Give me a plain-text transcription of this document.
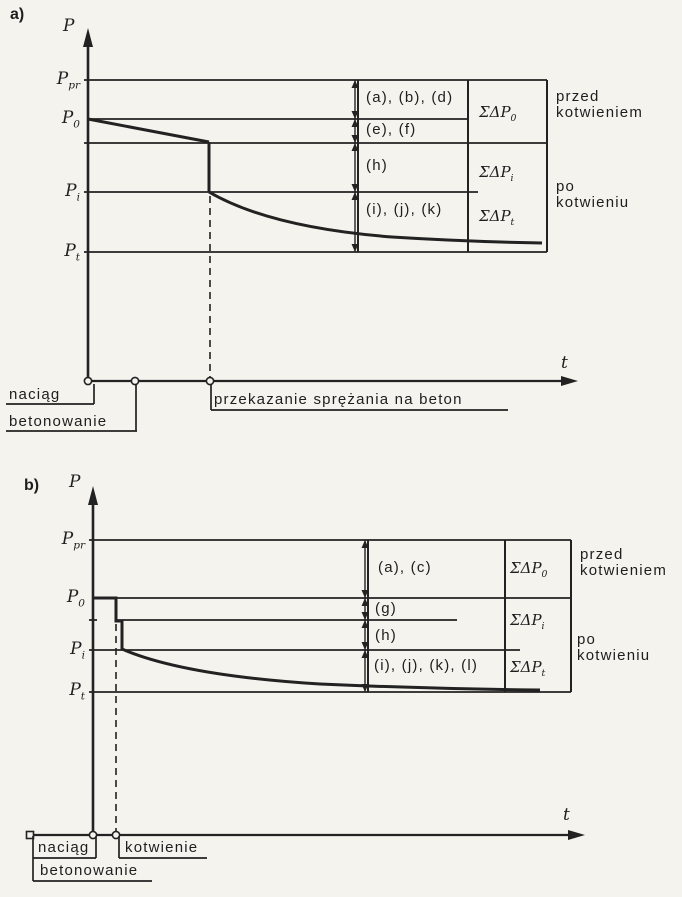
a)
P
$P_{pr}$
$P_0$
$P_i$
$P_t$
(a), (b), (d)
(e), (f)
(h)
(i), (j), (k)
$\Sigma\Delta P_0$
$\Sigma\Delta P_i$
$\Sigma\Delta P_t$
przed
kotwieniem
po
kotwieniu
t
naciąg
betonowanie
przekazanie sprężania na beton
b) P
$P_{pr}$
$P_0$
$P_i$
$P_t$
(a), (c)
(g)
(h)
(i), (j), (k), (l)
$\Sigma\Delta P_0$
$\Sigma\Delta P_i$
$\Sigma\Delta P_t$
przed
kotwieniem
po
kotwieniu
t
naciąg kotwienie
betonowanie
